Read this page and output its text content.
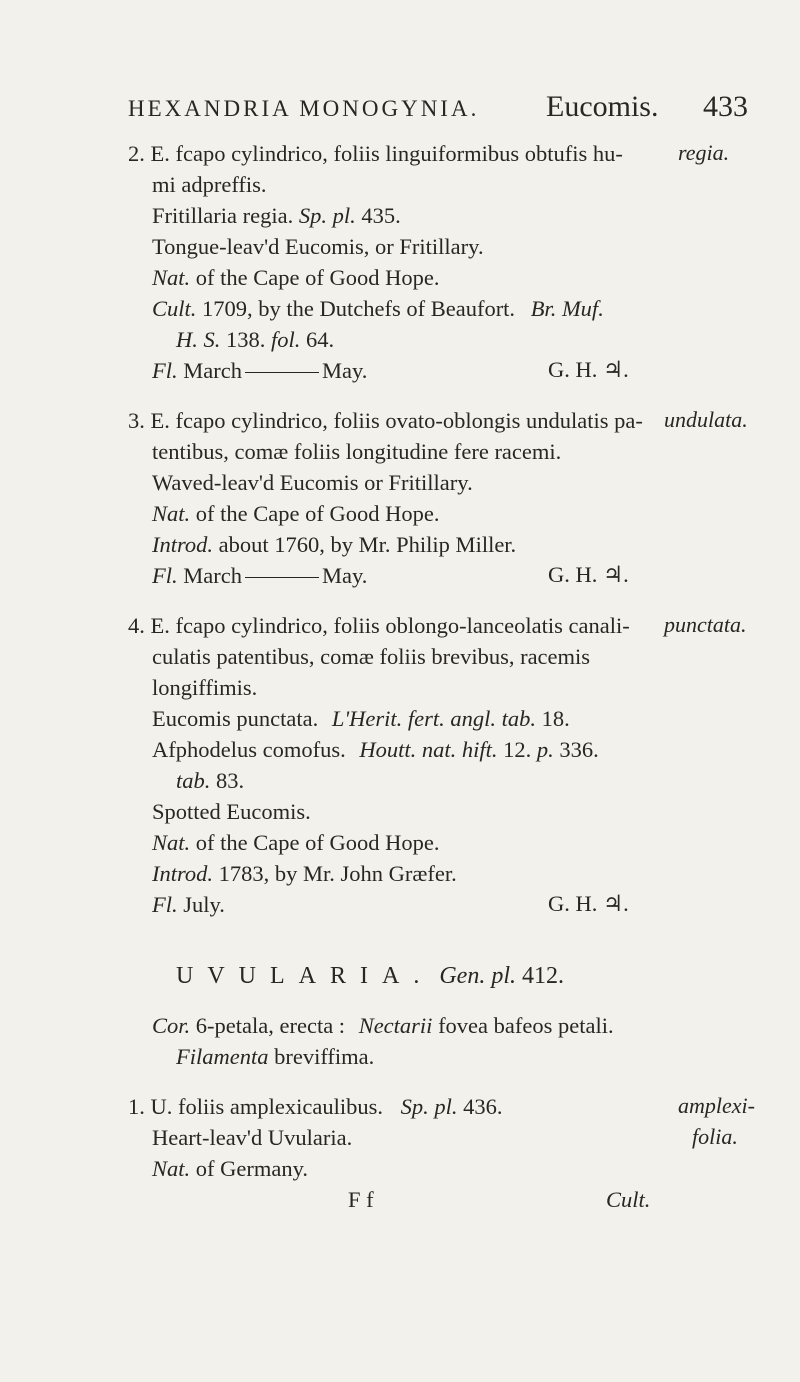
HEXANDRIA MONOGYNIA. Eucomis. 433
2. E. fcapo cylindrico, foliis linguiformibus obtufis hu-	regia.
mi adpreffis.
Fritillaria regia. Sp. pl. 435.
Tongue-leav'd Eucomis, or Fritillary.
Nat. of the Cape of Good Hope.
Cult. 1709, by the Dutchefs of Beaufort. Br. Muf.
H. S. 138. fol. 64.
Fl. March	May.	G. H. ♃.
3. E. fcapo cylindrico, foliis ovato-oblongis undulatis pa- undulata.
tentibus, comæ foliis longitudine fere racemi.
Waved-leav'd Eucomis or Fritillary.
Nat. of the Cape of Good Hope.
Introd. about 1760, by Mr. Philip Miller.
Fl. March	May.	G. H. ♃.
4. E. fcapo cylindrico, foliis oblongo-lanceolatis canali- punctata.
culatis patentibus, comæ foliis brevibus, racemis
longiffimis.
Eucomis punctata. L'Herit. fert. angl. tab. 18.
Afphodelus comofus. Houtt. nat. hift. 12. p. 336.
tab. 83.
Spotted Eucomis.
Nat. of the Cape of Good Hope.
Introd. 1783, by Mr. John Græfer.
Fl. July.	G. H. ♃.
UVULARIA. Gen. pl. 412.
Cor. 6-petala, erecta : Nectarii fovea bafeos petali.
Filamenta breviffima.
1. U. foliis amplexicaulibus. Sp. pl. 436.	amplexi-
folia.
Heart-leav'd Uvularia.
Nat. of Germany.
F f	Cult.
